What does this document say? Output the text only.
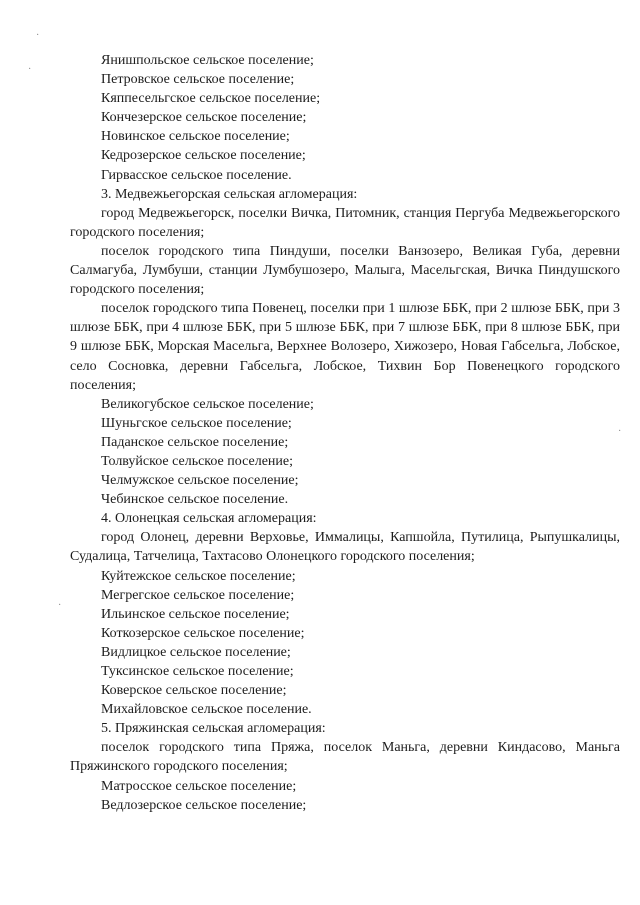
·
·
·
·

Янишпольское сельское поселение;

Петровское сельское поселение;

Кяппесельгское сельское поселение;

Кончезерское сельское поселение;

Новинское сельское поселение;

Кедрозерское сельское поселение;

Гирвасское сельское поселение.

3. Медвежьегорская сельская агломерация:

город Медвежьегорск, поселки Вичка, Питомник, станция Пергуба Медвежьегорского городского поселения;

поселок городского типа Пиндуши, поселки Ванзозеро, Великая Губа, деревни Салмагуба, Лумбуши, станции Лумбушозеро, Малыга, Масельгская, Вичка Пиндушского городского поселения;

поселок городского типа Повенец, поселки при 1 шлюзе ББК, при 2 шлюзе ББК, при 3 шлюзе ББК, при 4 шлюзе ББК, при 5 шлюзе ББК, при 7 шлюзе ББК, при 8 шлюзе ББК, при 9 шлюзе ББК, Морская Масельга, Верхнее Волозеро, Хижозеро, Новая Габсельга, Лобское, село Сосновка, деревни Габсельга, Лобское, Тихвин Бор Повенецкого городского поселения;

Великогубское сельское поселение;

Шуньгское сельское поселение;

Паданское сельское поселение;

Толвуйское сельское поселение;

Челмужское сельское поселение;

Чебинское сельское поселение.

4. Олонецкая сельская агломерация:

город Олонец, деревни Верховье, Иммалицы, Капшойла, Путилица, Рыпушкалицы, Судалица, Татчелица, Тахтасово Олонецкого городского поселения;

Куйтежское сельское поселение;

Мегрегское сельское поселение;

Ильинское сельское поселение;

Коткозерское сельское поселение;

Видлицкое сельское поселение;

Туксинское сельское поселение;

Коверское сельское поселение;

Михайловское сельское поселение.

5. Пряжинская сельская агломерация:

поселок городского типа Пряжа, поселок Маньга, деревни Киндасово, Маньга Пряжинского городского поселения;

Матросское сельское поселение;

Ведлозерское сельское поселение;
